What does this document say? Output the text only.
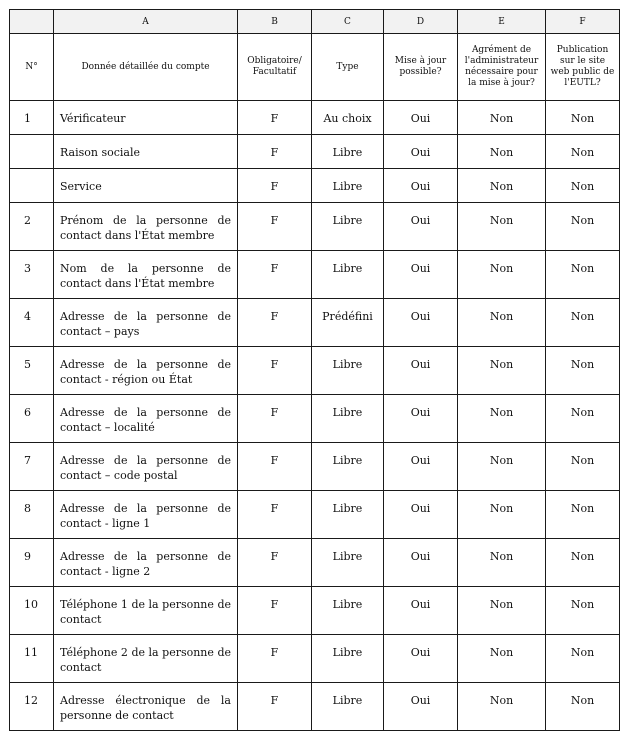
	A	B	C	D	E	F
N°	Donnée détaillée du compte	Obligatoire/ Facultatif	Type	Mise à jour possible?	Agrément de l'administrateur nécessaire pour la mise à jour?	Publication sur le site web public de l'EUTL?
1	Vérificateur	F	Au choix	Oui	Non	Non
	Raison sociale	F	Libre	Oui	Non	Non
	Service	F	Libre	Oui	Non	Non
2	Prénom de la personne de contact dans l'État membre	F	Libre	Oui	Non	Non
3	Nom de la personne de contact dans l'État membre	F	Libre	Oui	Non	Non
4	Adresse de la personne de contact – pays	F	Prédéfini	Oui	Non	Non
5	Adresse de la personne de contact - région ou État	F	Libre	Oui	Non	Non
6	Adresse de la personne de contact – localité	F	Libre	Oui	Non	Non
7	Adresse de la personne de contact – code postal	F	Libre	Oui	Non	Non
8	Adresse de la personne de contact - ligne 1	F	Libre	Oui	Non	Non
9	Adresse de la personne de contact - ligne 2	F	Libre	Oui	Non	Non
10	Téléphone 1 de la personne de contact	F	Libre	Oui	Non	Non
11	Téléphone 2 de la personne de contact	F	Libre	Oui	Non	Non
12	Adresse électronique de la personne de contact	F	Libre	Oui	Non	Non
